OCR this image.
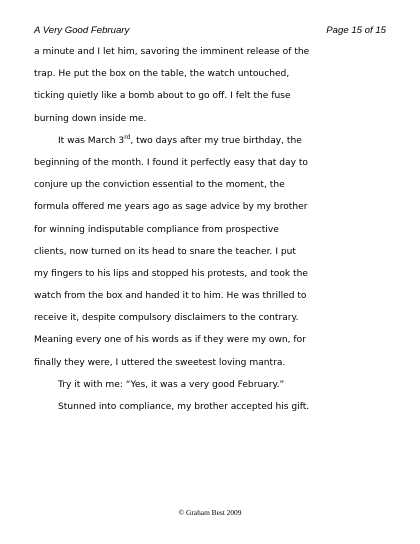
A Very Good February	Page 15 of 15
a minute and I let him, savoring the imminent release of the
trap. He put the box on the table, the watch untouched,
ticking quietly like a bomb about to go off. I felt the fuse
burning down inside me.
It was March 3rd, two days after my true birthday, the
beginning of the month. I found it perfectly easy that day to
conjure up the conviction essential to the moment, the
formula offered me years ago as sage advice by my brother
for winning indisputable compliance from prospective
clients, now turned on its head to snare the teacher. I put
my fingers to his lips and stopped his protests, and took the
watch from the box and handed it to him. He was thrilled to
receive it, despite compulsory disclaimers to the contrary.
Meaning every one of his words as if they were my own, for
finally they were, I uttered the sweetest loving mantra.
Try it with me: “Yes, it was a very good February.”
Stunned into compliance, my brother accepted his gift.
© Graham Best 2009
